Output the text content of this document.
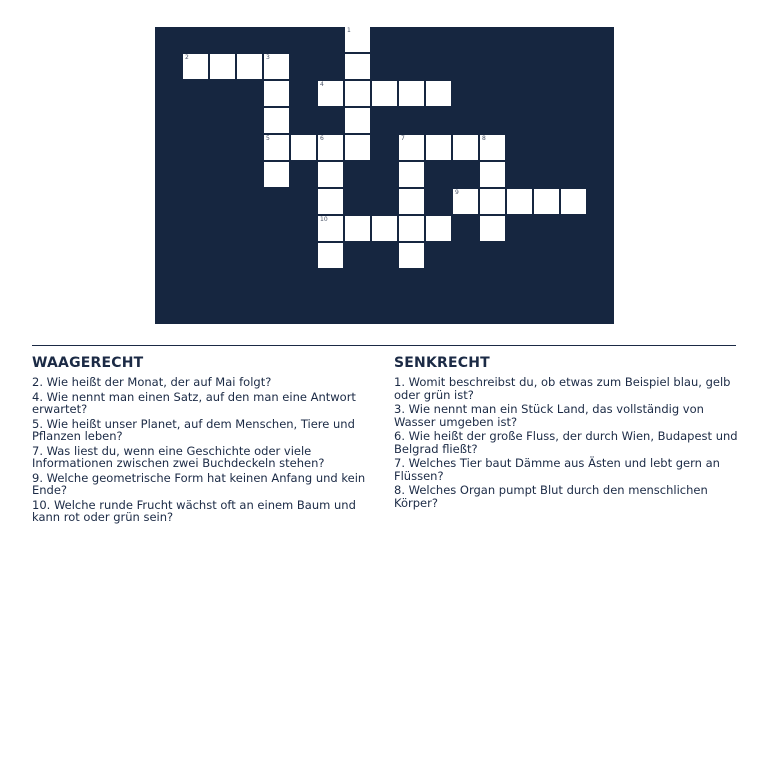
1
2	3
4
5	6	7	8
9
10
WAAGERECHT
2. Wie heißt der Monat, der auf Mai folgt?
4. Wie nennt man einen Satz, auf den man eine Antwort erwartet?
5. Wie heißt unser Planet, auf dem Menschen, Tiere und Pflanzen leben?
7. Was liest du, wenn eine Geschichte oder viele Informationen zwischen zwei Buchdeckeln stehen?
9. Welche geometrische Form hat keinen Anfang und kein Ende?
10. Welche runde Frucht wächst oft an einem Baum und kann rot oder grün sein?
SENKRECHT
1. Womit beschreibst du, ob etwas zum Beispiel blau, gelb oder grün ist?
3. Wie nennt man ein Stück Land, das vollständig von Wasser umgeben ist?
6. Wie heißt der große Fluss, der durch Wien, Budapest und Belgrad fließt?
7. Welches Tier baut Dämme aus Ästen und lebt gern an Flüssen?
8. Welches Organ pumpt Blut durch den menschlichen Körper?
